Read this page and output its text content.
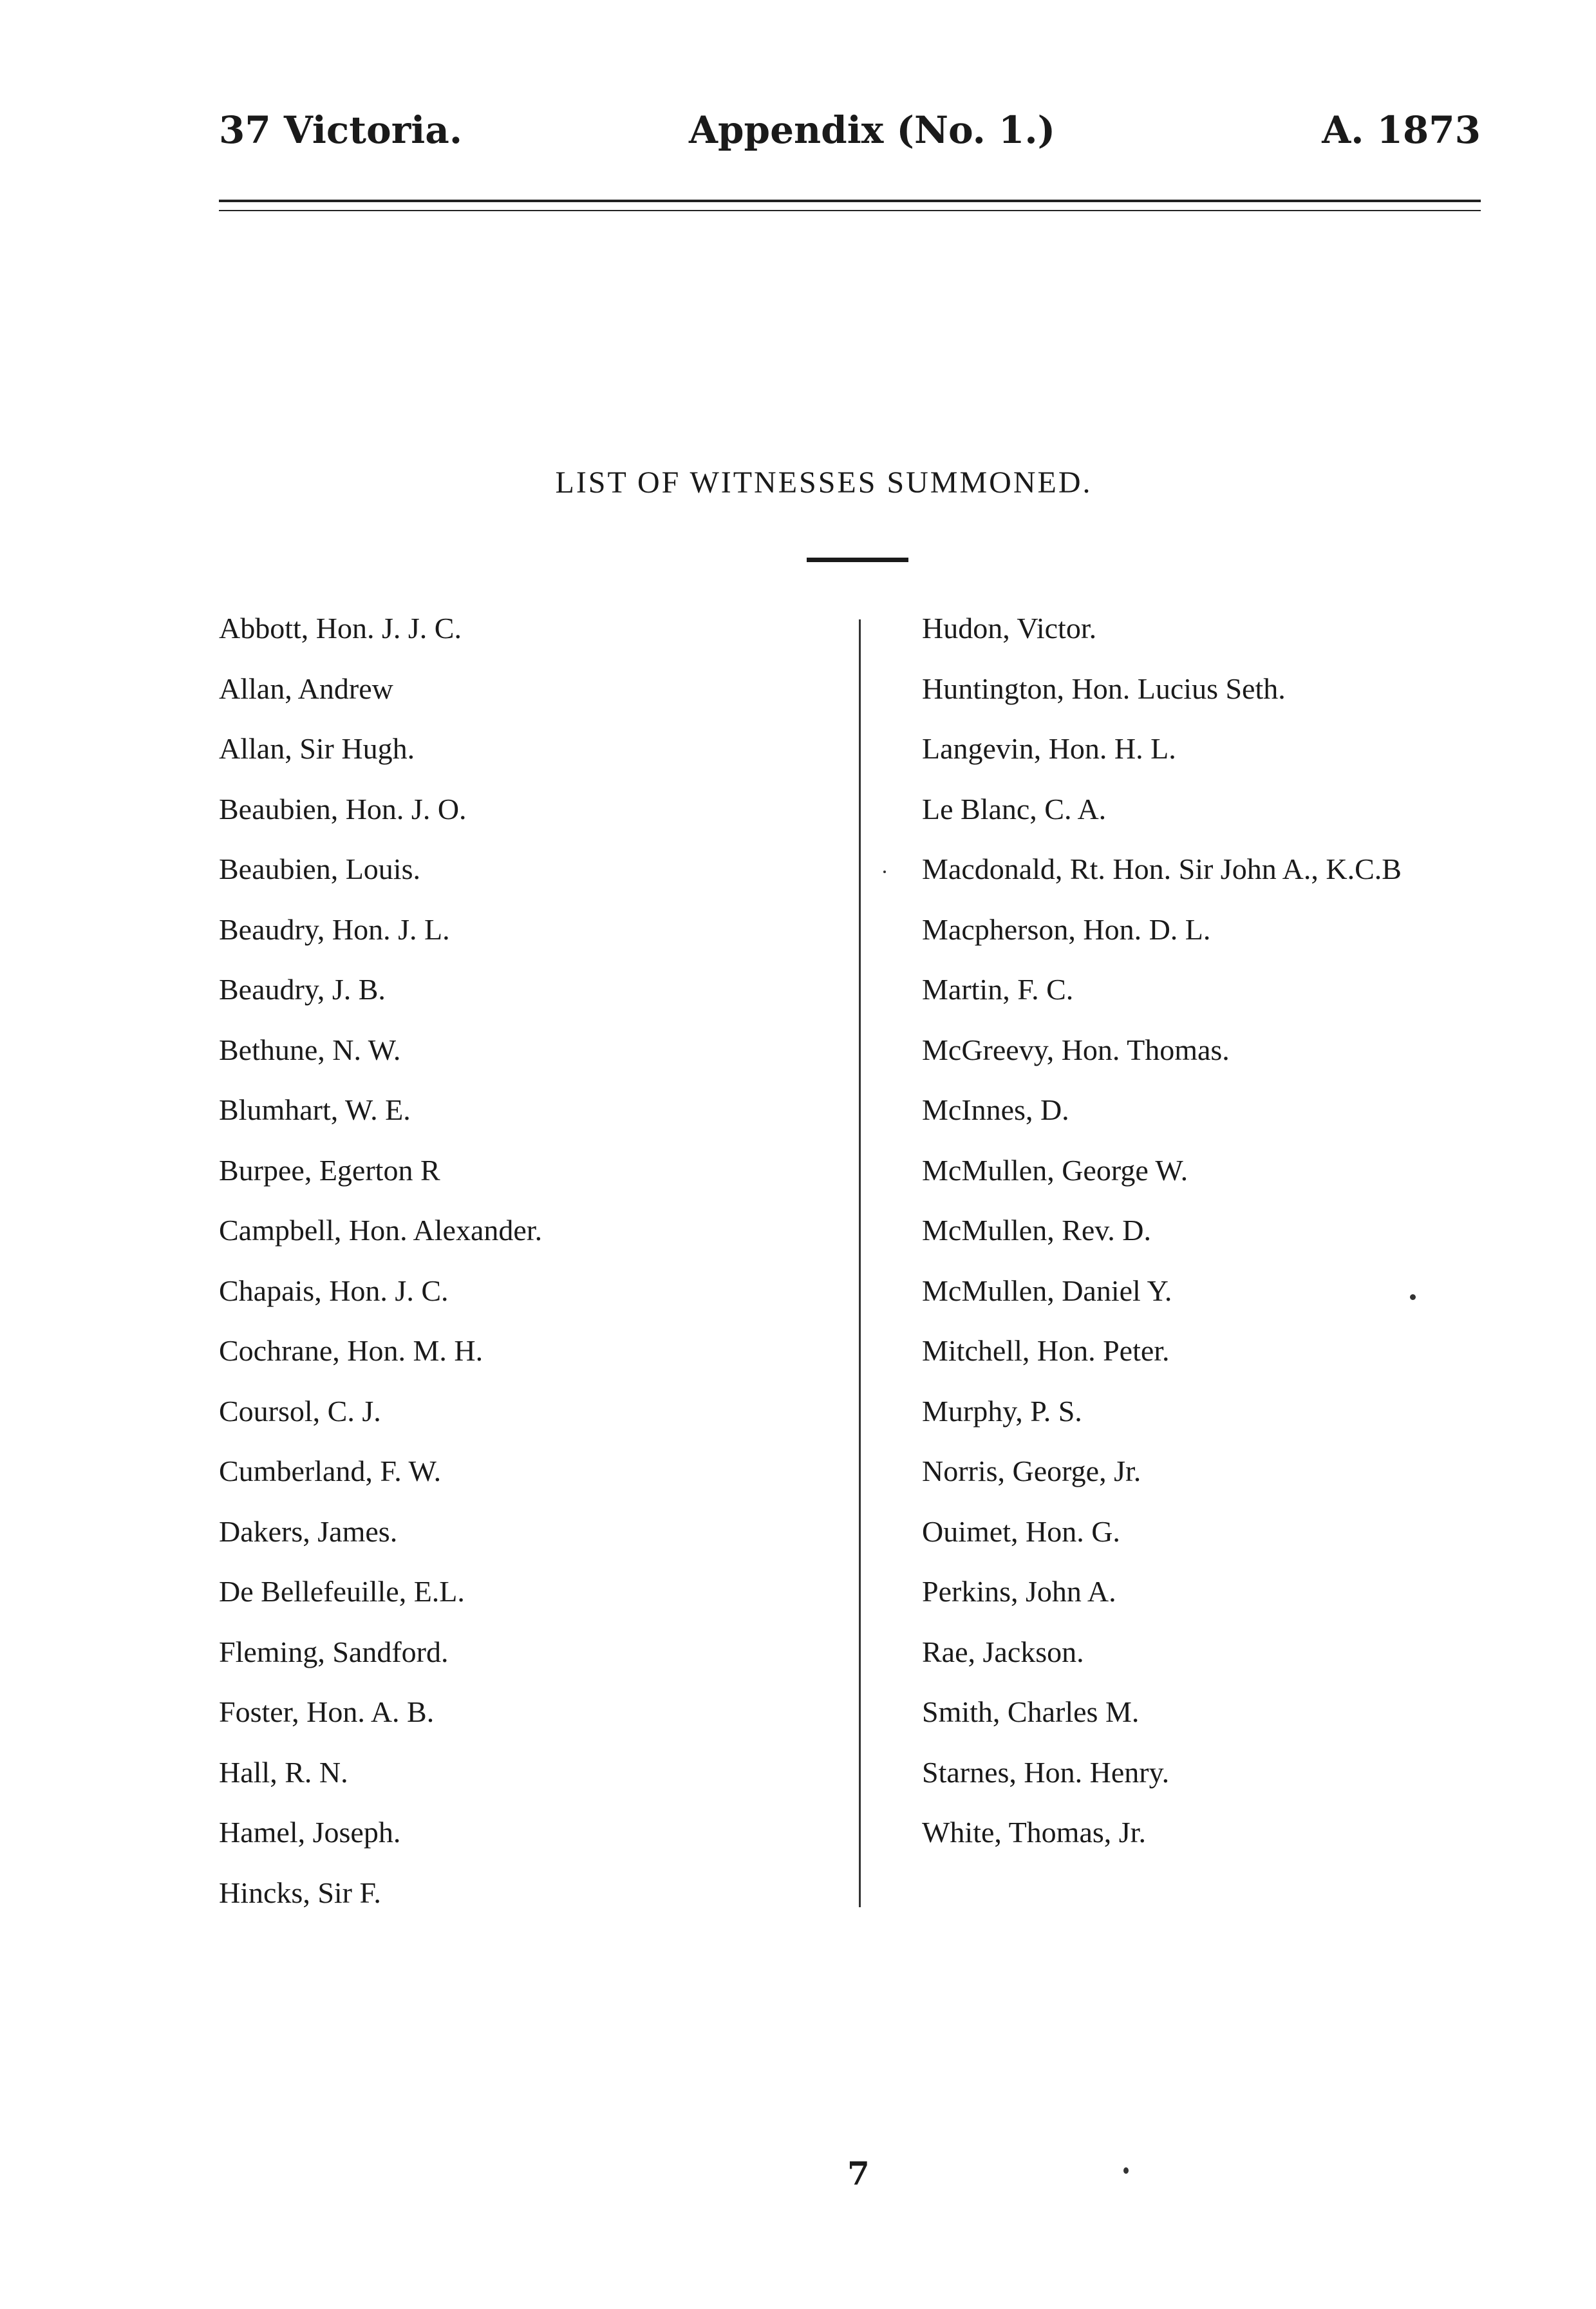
37 Victoria.	Appendix (No. 1.)	A. 1873
LIST OF WITNESSES SUMMONED.
Abbott, Hon. J. J. C.
Allan, Andrew
Allan, Sir Hugh.
Beaubien, Hon. J. O.
Beaubien, Louis.
Beaudry, Hon. J. L.
Beaudry, J. B.
Bethune, N. W.
Blumhart, W. E.
Burpee, Egerton R
Campbell, Hon. Alexander.
Chapais, Hon. J. C.
Cochrane, Hon. M. H.
Coursol, C. J.
Cumberland, F. W.
Dakers, James.
De Bellefeuille, E.L.
Fleming, Sandford.
Foster, Hon. A. B.
Hall, R. N.
Hamel, Joseph.
Hincks, Sir F.
Hudon, Victor.
Huntington, Hon. Lucius Seth.
Langevin, Hon. H. L.
Le Blanc, C. A.
Macdonald, Rt. Hon. Sir John A., K.C.B
Macpherson, Hon. D. L.
Martin, F. C.
McGreevy, Hon. Thomas.
McInnes, D.
McMullen, George W.
McMullen, Rev. D.
McMullen, Daniel Y.
Mitchell, Hon. Peter.
Murphy, P. S.
Norris, George, Jr.
Ouimet, Hon. G.
Perkins, John A.
Rae, Jackson.
Smith, Charles M.
Starnes, Hon. Henry.
White, Thomas, Jr.
7
